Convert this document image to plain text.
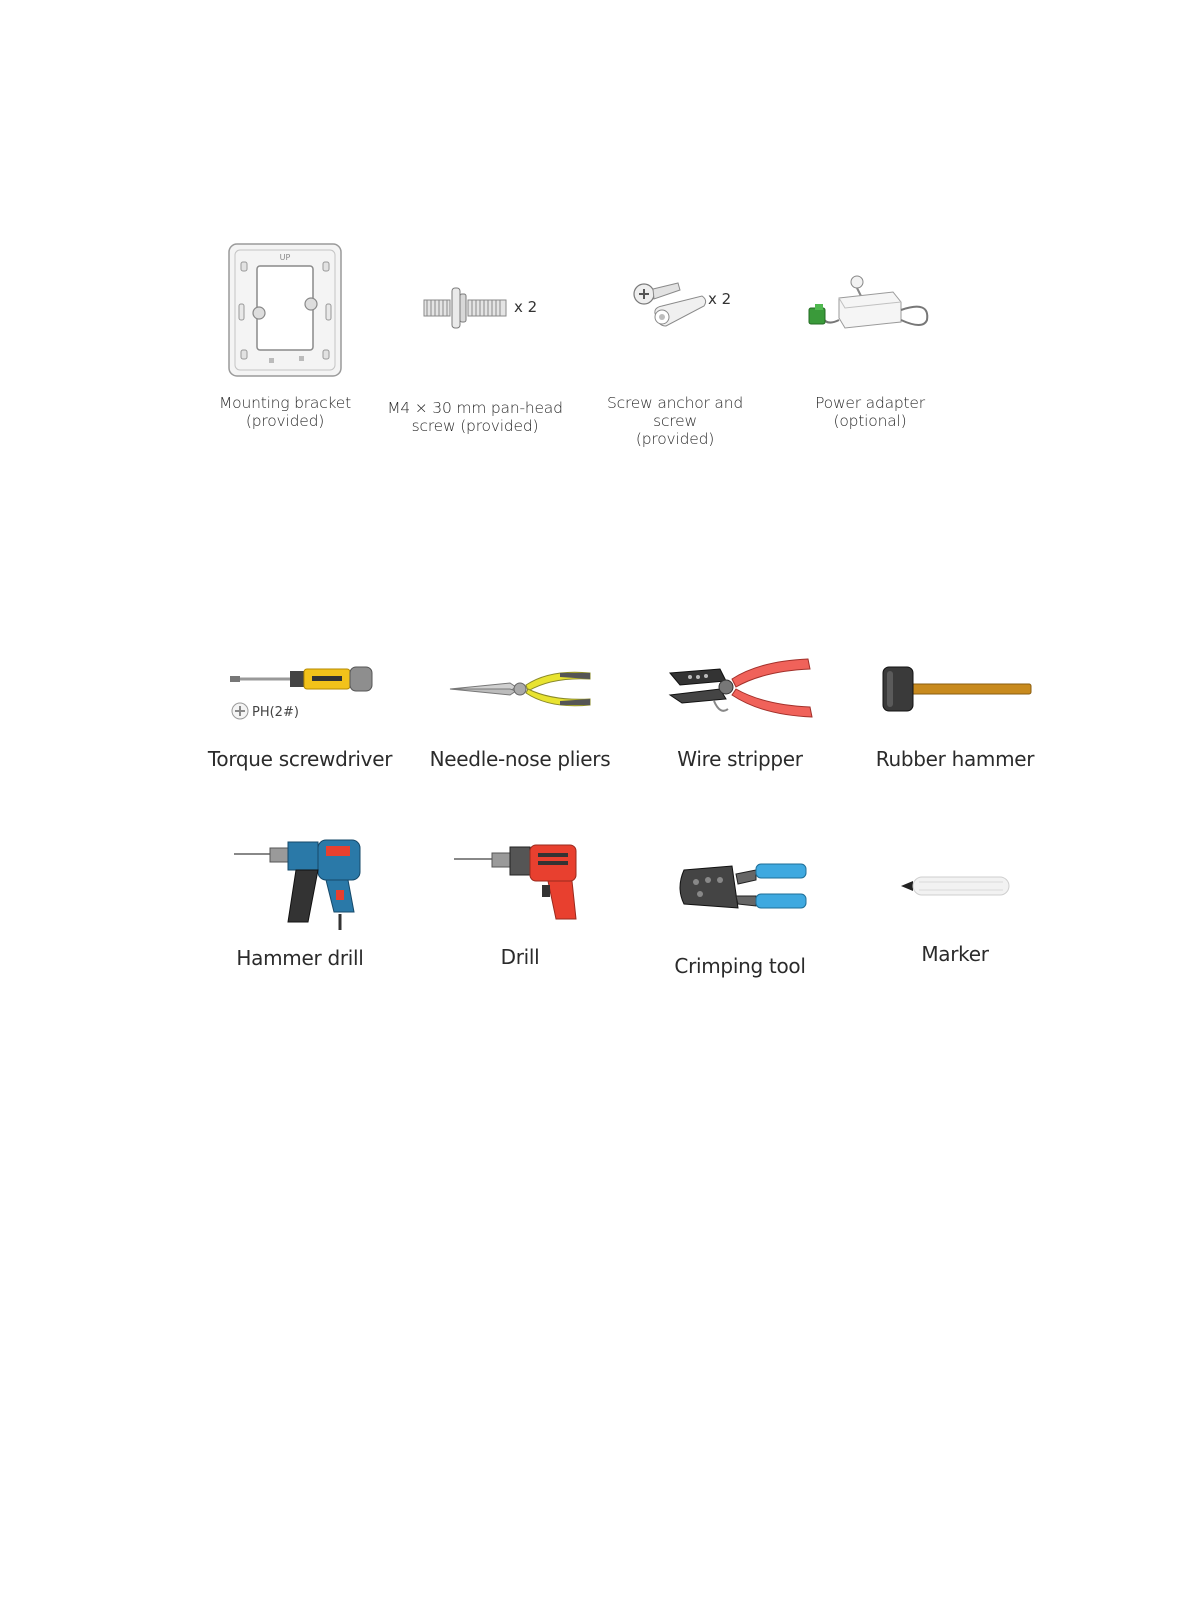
UP
Mounting bracket
(provided)
x 2
M4 × 30 mm pan-head
screw (provided)
x 2
Screw anchor and screw
(provided)
Power adapter
(optional)
PH(2#)
Torque screwdriver	Needle-nose pliers	Wire stripper	Rubber hammer
Hammer drill	Drill	Crimping tool	Marker
